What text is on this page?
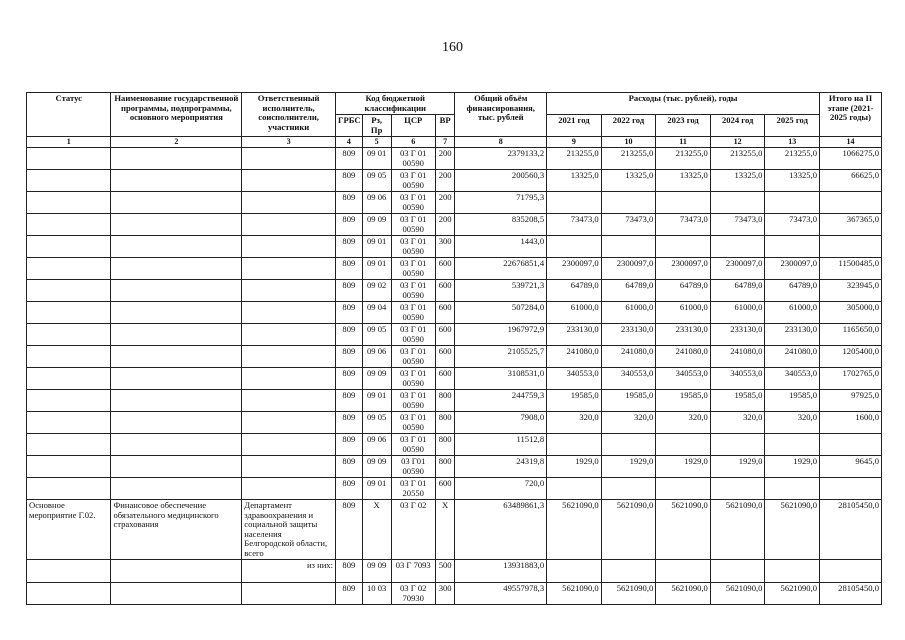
160
Статус	Наименование государственной программы, подпрограммы, основного мероприятия	Ответственный исполнитель, соисполнители, участники	Код бюджетной классификации				Общий объём финансирования, тыс. рублей	Расходы (тыс. рублей), годы					Итого на II этапе (2021-2025 годы)
			ГРБС	Рз, Пр	ЦСР	ВР		2021 год	2022 год	2023 год	2024 год	2025 год	
1	2	3	4	5	6	7	8	9	10	11	12	13	14
			809	09 01	03 Г 01 00590	200	2379133,2	213255,0	213255,0	213255,0	213255,0	213255,0	1066275,0
			809	09 05	03 Г 01 00590	200	200560,3	13325,0	13325,0	13325,0	13325,0	13325,0	66625,0
			809	09 06	03 Г 01 00590	200	71795,3						
			809	09 09	03 Г 01 00590	200	835208,5	73473,0	73473,0	73473,0	73473,0	73473,0	367365,0
			809	09 01	03 Г 01 00590	300	1443,0						
			809	09 01	03 Г 01 00590	600	22676851,4	2300097,0	2300097,0	2300097,0	2300097,0	2300097,0	11500485,0
			809	09 02	03 Г 01 00590	600	539721,3	64789,0	64789,0	64789,0	64789,0	64789,0	323945,0
			809	09 04	03 Г 01 00590	600	507284,0	61000,0	61000,0	61000,0	61000,0	61000,0	305000,0
			809	09 05	03 Г 01 00590	600	1967972,9	233130,0	233130,0	233130,0	233130,0	233130,0	1165650,0
			809	09 06	03 Г 01 00590	600	2105525,7	241080,0	241080,0	241080,0	241080,0	241080,0	1205400,0
			809	09 09	03 Г 01 00590	600	3108531,0	340553,0	340553,0	340553,0	340553,0	340553,0	1702765,0
			809	09 01	03 Г 01 00590	800	244759,3	19585,0	19585,0	19585,0	19585,0	19585,0	97925,0
			809	09 05	03 Г 01 00590	800	7908,0	320,0	320,0	320,0	320,0	320,0	1600,0
			809	09 06	03 Г 01 00590	800	11512,8						
			809	09 09	03 Г01 00590	800	24319,8	1929,0	1929,0	1929,0	1929,0	1929,0	9645,0
			809	09 01	03 Г 01 20550	600	720,0						
Основное мероприятие Г.02.	Финансовое обеспечение обязательного медицинского страхования	Департамент здравоохранения и социальной защиты населения Белгородской области, всего	809	Х	03 Г 02	Х	63489861,3	5621090,0	5621090,0	5621090,0	5621090,0	5621090,0	28105450,0
		из них:	809	09 09	03 Г 7093	500	13931883,0						
			809	10 03	03 Г 02 70930	300	49557978,3	5621090,0	5621090,0	5621090,0	5621090,0	5621090,0	28105450,0
